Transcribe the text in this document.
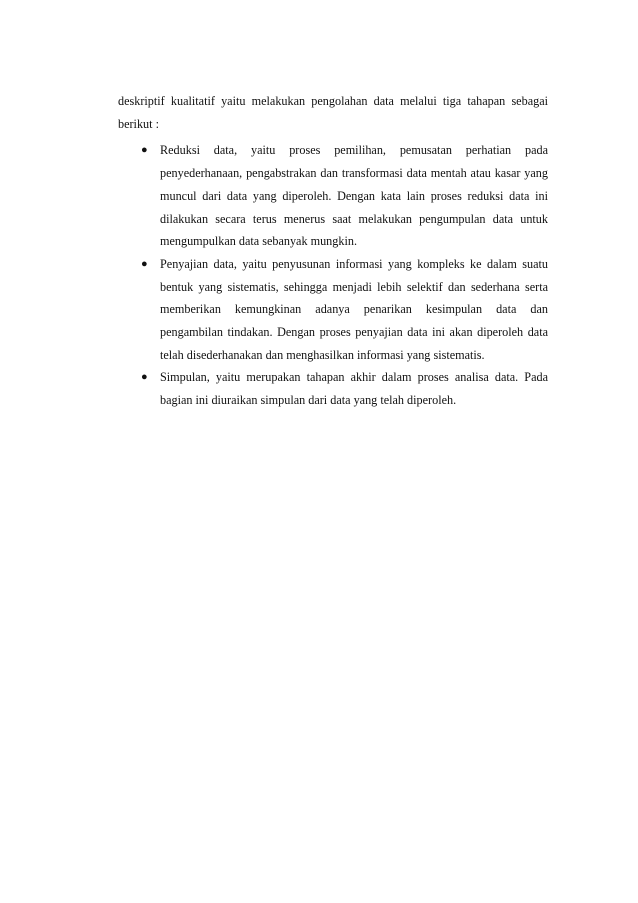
deskriptif kualitatif yaitu melakukan pengolahan data melalui tiga tahapan sebagai berikut :

● Reduksi data, yaitu proses pemilihan, pemusatan perhatian pada penyederhanaan, pengabstrakan dan transformasi data mentah atau kasar yang muncul dari data yang diperoleh. Dengan kata lain proses reduksi data ini dilakukan secara terus menerus saat melakukan pengumpulan data untuk mengumpulkan data sebanyak mungkin.
● Penyajian data, yaitu penyusunan informasi yang kompleks ke dalam suatu bentuk yang sistematis, sehingga menjadi lebih selektif dan sederhana serta memberikan kemungkinan adanya penarikan kesimpulan data dan pengambilan tindakan. Dengan proses penyajian data ini akan diperoleh data telah disederhanakan dan menghasilkan informasi yang sistematis.
● Simpulan, yaitu merupakan tahapan akhir dalam proses analisa data. Pada bagian ini diuraikan simpulan dari data yang telah diperoleh.
